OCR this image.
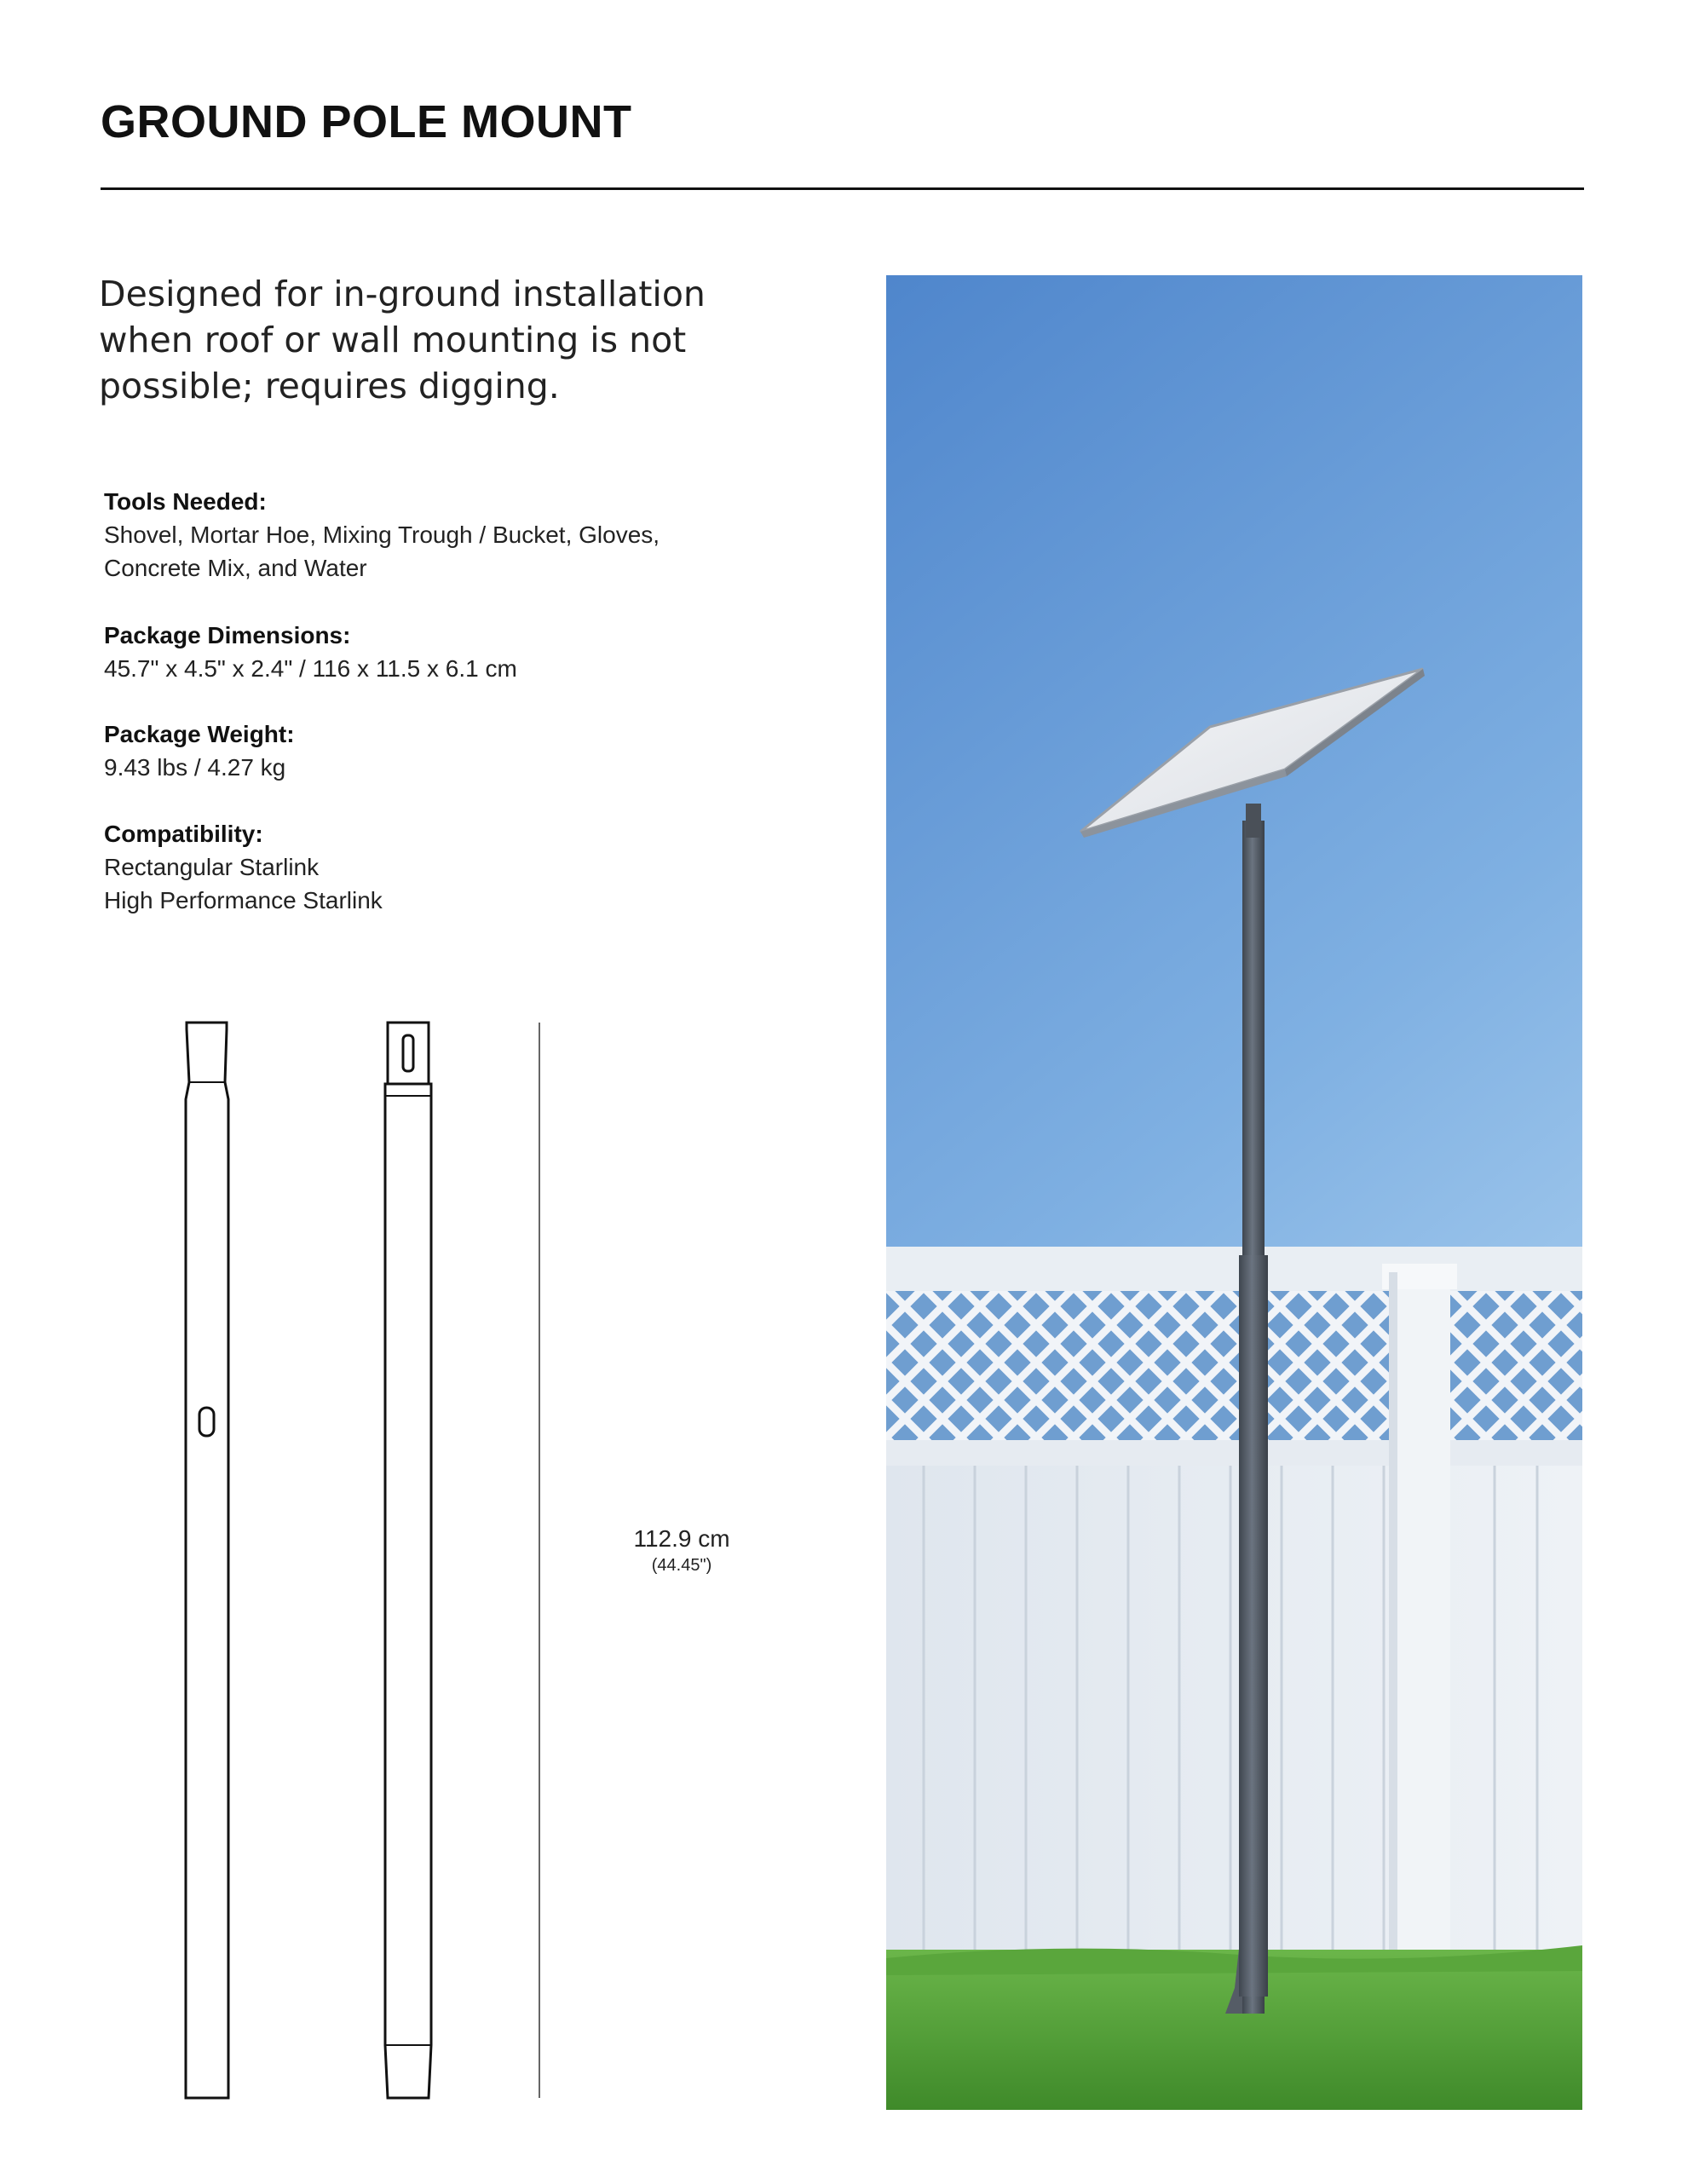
GROUND POLE MOUNT
Designed for in-ground installation when roof or wall mounting is not possible; requires digging.
Tools Needed:
Shovel, Mortar Hoe, Mixing Trough / Bucket, Gloves,
Concrete Mix, and Water
Package Dimensions:
45.7" x 4.5" x 2.4" / 116 x 11.5 x 6.1 cm
Package Weight:
9.43 lbs / 4.27 kg
Compatibility:
Rectangular Starlink
High Performance Starlink
112.9 cm
(44.45")
